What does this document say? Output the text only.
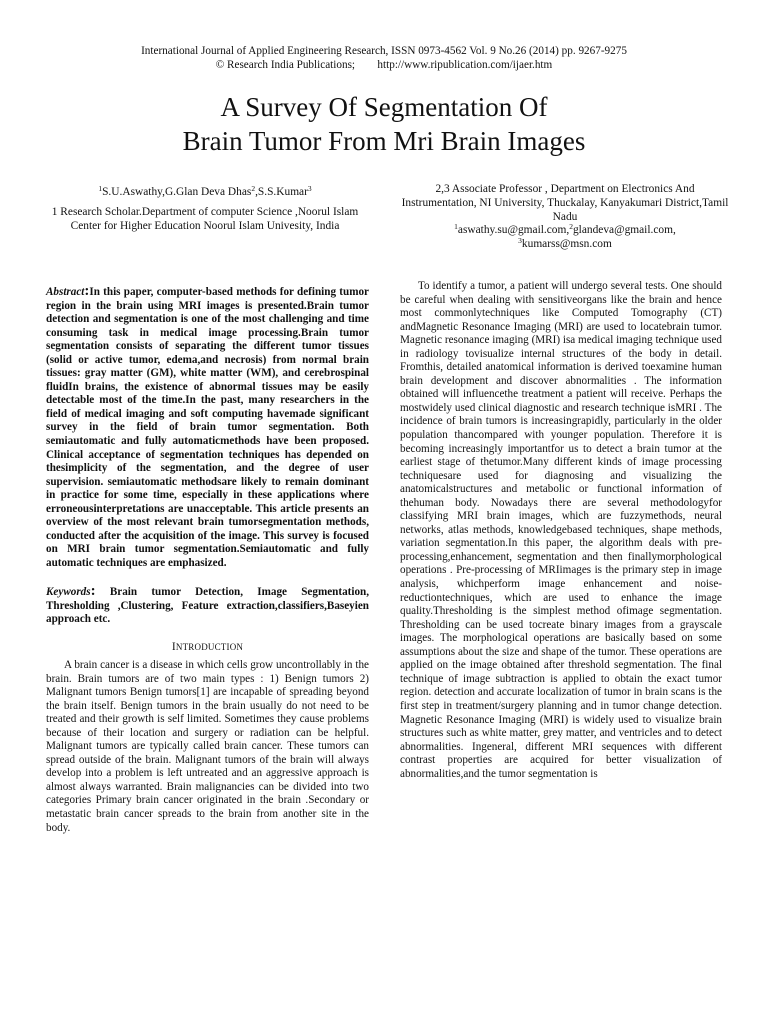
International Journal of Applied Engineering Research, ISSN 0973-4562 Vol. 9 No.26 (2014) pp. 9267-9275
© Research India Publications; http://www.ripublication.com/ijaer.htm
A Survey Of Segmentation Of
Brain Tumor From Mri Brain Images
$^1$S.U.Aswathy,G.Glan Deva Dhas$^2$,S.S.Kumar$^3$
1 Research Scholar.Department of computer Science ,Noorul Islam Center for Higher Education Noorul Islam Univesity, India
2,3 Associate Professor , Department on Electronics And Instrumentation, NI University, Thuckalay, Kanyakumari District,Tamil Nadu
$^1$aswathy.su@gmail.com,$^2$glandeva@gmail.com,
$^3$kumarss@msn.com

Abstract:In this paper, computer-based methods for defining tumor region in the brain using MRI images is presented.Brain tumor detection and segmentation is one of the most challenging and time consuming task in medical image processing.Brain tumor segmentation consists of separating the different tumor tissues (solid or active tumor, edema,and necrosis) from normal brain tissues: gray matter (GM), white matter (WM), and cerebrospinal fluidIn brains, the existence of abnormal tissues may be easily detectable most of the time.In the past, many researchers in the field of medical imaging and soft computing havemade significant survey in the field of brain tumor segmentation. Both semiautomatic and fully automaticmethods have been proposed. Clinical acceptance of segmentation techniques has depended on thesimplicity of the segmentation, and the degree of user supervision. semiautomatic methodsare likely to remain dominant in practice for some time, especially in these applications where erroneousinterpretations are unacceptable. This article presents an overview of the most relevant brain tumorsegmentation methods, conducted after the acquisition of the image. This survey is focused on MRI brain tumor segmentation.Semiautomatic and fully automatic techniques are emphasized.

Keywords: Brain tumor Detection, Image Segmentation, Thresholding ,Clustering, Feature extraction,classifiers,Baseyien approach etc.

INTRODUCTION

A brain cancer is a disease in which cells grow uncontrollably in the brain. Brain tumors are of two main types : 1) Benign tumors 2) Malignant tumors Benign tumors[1] are incapable of spreading beyond the brain itself. Benign tumors in the brain usually do not need to be treated and their growth is self limited. Sometimes they cause problems because of their location and surgery or radiation can be helpful. Malignant tumors are typically called brain cancer. These tumors can spread outside of the brain. Malignant tumors of the brain will always develop into a problem is left untreated and an aggressive approach is almost always warranted. Brain malignancies can be divided into two categories Primary brain cancer originated in the brain .Secondary or metastatic brain cancer spreads to the brain from another site in the body.

To identify a tumor, a patient will undergo several tests. One should be careful when dealing with sensitiveorgans like the brain and hence most commonlytechniques like Computed Tomography (CT) andMagnetic Resonance Imaging (MRI) are used to locatebrain tumor. Magnetic resonance imaging (MRI) isa medical imaging technique used in radiology tovisualize internal structures of the body in detail. Fromthis, detailed anatomical information is derived toexamine human brain development and discover abnormalities . The information obtained will influencethe treatment a patient will receive. Perhaps the mostwidely used clinical diagnostic and research technique isMRI . The incidence of brain tumors is increasingrapidly, particularly in the older population thancompared with younger population. Therefore it is becoming increasingly importantfor us to detect a brain tumor at the earliest stage of thetumor.Many different kinds of image processing techniquesare used for diagnosing and visualizing the anatomicalstructures and metabolic or functional information of thehuman body. Nowadays there are several methodologyfor classifying MRI brain images, which are fuzzymethods, neural networks, atlas methods, knowledgebased techniques, shape methods, variation segmentation.In this paper, the algorithm deals with pre-processing,enhancement, segmentation and then finallymorphological operations . Pre-processing of MRIimages is the primary step in image analysis, whichperform image enhancement and noise-reductiontechniques, which are used to enhance the image quality.Thresholding is the simplest method ofimage segmentation. Thresholding can be used tocreate binary images from a grayscale images. The morphological operations are basically based on some assumptions about the size and shape of the tumor. These operations are applied on the image obtained after threshold segmentation. The final technique of image subtraction is applied to obtain the exact tumor region. detection and accurate localization of tumor in brain scans is the first step in treatment/surgery planning and in tumor change detection. Magnetic Resonance Imaging (MRI) is widely used to visualize brain structures such as white matter, grey matter, and ventricles and to detect abnormalities. Ingeneral, different MRI sequences with different contrast properties are acquired for better visualization of abnormalities,and the tumor segmentation is
